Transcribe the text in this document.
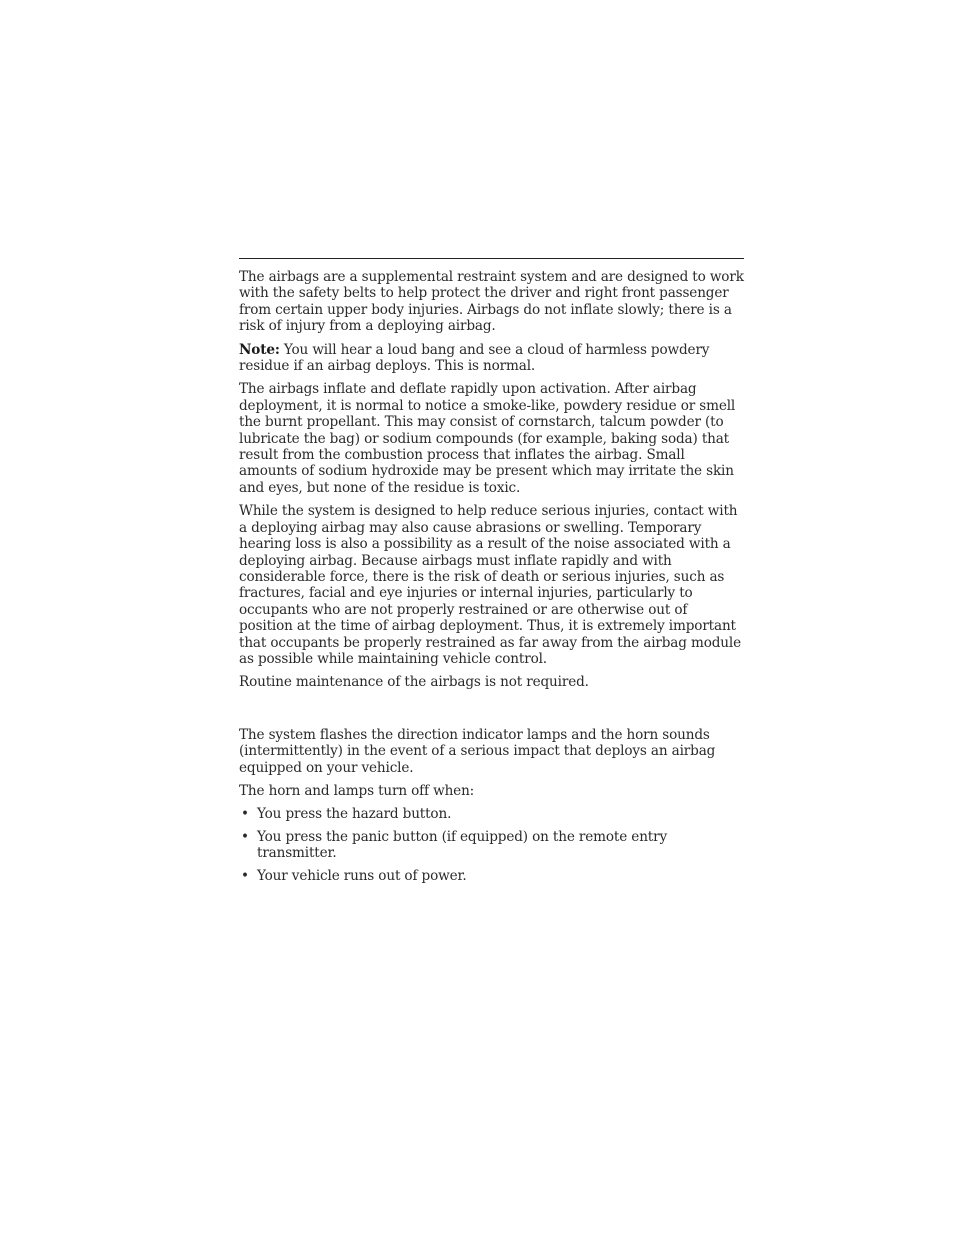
The airbags are a supplemental restraint system and are designed to work with the safety belts to help protect the driver and right front passenger from certain upper body injuries. Airbags do not inflate slowly; there is a risk of injury from a deploying airbag.

Note: You will hear a loud bang and see a cloud of harmless powdery residue if an airbag deploys. This is normal.

The airbags inflate and deflate rapidly upon activation. After airbag deployment, it is normal to notice a smoke-like, powdery residue or smell the burnt propellant. This may consist of cornstarch, talcum powder (to lubricate the bag) or sodium compounds (for example, baking soda) that result from the combustion process that inflates the airbag. Small amounts of sodium hydroxide may be present which may irritate the skin and eyes, but none of the residue is toxic.

While the system is designed to help reduce serious injuries, contact with a deploying airbag may also cause abrasions or swelling. Temporary hearing loss is also a possibility as a result of the noise associated with a deploying airbag. Because airbags must inflate rapidly and with considerable force, there is the risk of death or serious injuries, such as fractures, facial and eye injuries or internal injuries, particularly to occupants who are not properly restrained or are otherwise out of position at the time of airbag deployment. Thus, it is extremely important that occupants be properly restrained as far away from the airbag module as possible while maintaining vehicle control.

Routine maintenance of the airbags is not required.

The system flashes the direction indicator lamps and the horn sounds (intermittently) in the event of a serious impact that deploys an airbag equipped on your vehicle.

The horn and lamps turn off when:

• You press the hazard button.
• You press the panic button (if equipped) on the remote entry transmitter.
• Your vehicle runs out of power.
